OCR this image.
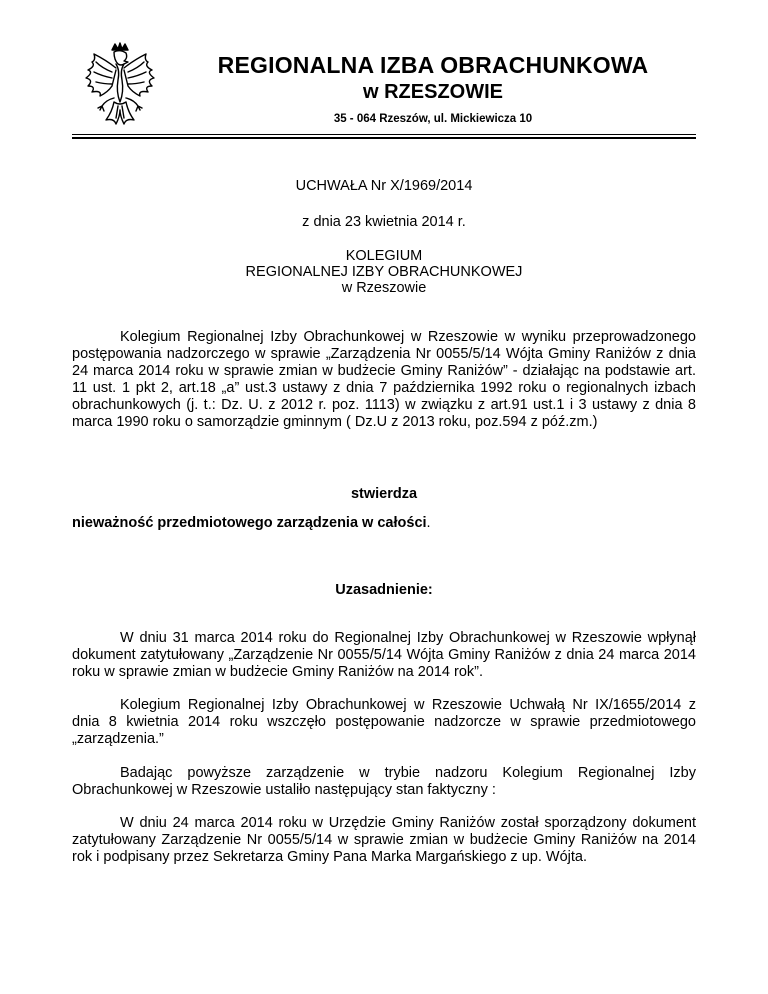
REGIONALNA IZBA OBRACHUNKOWA
w RZESZOWIE
35 - 064 Rzeszów, ul. Mickiewicza 10
UCHWAŁA Nr X/1969/2014
z dnia 23 kwietnia 2014 r.
KOLEGIUM
REGIONALNEJ IZBY OBRACHUNKOWEJ
w Rzeszowie

Kolegium Regionalnej Izby Obrachunkowej w Rzeszowie w wyniku przeprowadzonego postępowania nadzorczego w sprawie „Zarządzenia Nr 0055/5/14 Wójta Gminy Raniżów z dnia 24 marca 2014 roku w sprawie zmian w budżecie Gminy Raniżów” - działając na podstawie art. 11 ust. 1 pkt 2, art.18 „a” ust.3 ustawy z dnia 7 października 1992 roku o regionalnych izbach obrachunkowych (j. t.: Dz. U. z 2012 r. poz. 1113) w związku z art.91 ust.1 i 3 ustawy z dnia 8 marca 1990 roku o samorządzie gminnym ( Dz.U z 2013 roku, poz.594 z póź.zm.)

stwierdza
nieważność przedmiotowego zarządzenia w całości.
Uzasadnienie:

W dniu 31 marca 2014 roku do Regionalnej Izby Obrachunkowej w Rzeszowie wpłynął dokument zatytułowany „Zarządzenie Nr 0055/5/14 Wójta Gminy Raniżów z dnia 24 marca 2014 roku w sprawie zmian w budżecie Gminy Raniżów na 2014 rok”.

Kolegium Regionalnej Izby Obrachunkowej w Rzeszowie Uchwałą Nr IX/1655/2014 z dnia 8 kwietnia 2014 roku wszczęło postępowanie nadzorcze w sprawie przedmiotowego „zarządzenia.”

Badając powyższe zarządzenie w trybie nadzoru Kolegium Regionalnej Izby Obrachunkowej w Rzeszowie ustaliło następujący stan faktyczny :

W dniu 24 marca 2014 roku w Urzędzie Gminy Raniżów został sporządzony dokument zatytułowany Zarządzenie Nr 0055/5/14 w sprawie zmian w budżecie Gminy Raniżów na 2014 rok i podpisany przez Sekretarza Gminy Pana Marka Margańskiego z up. Wójta.
